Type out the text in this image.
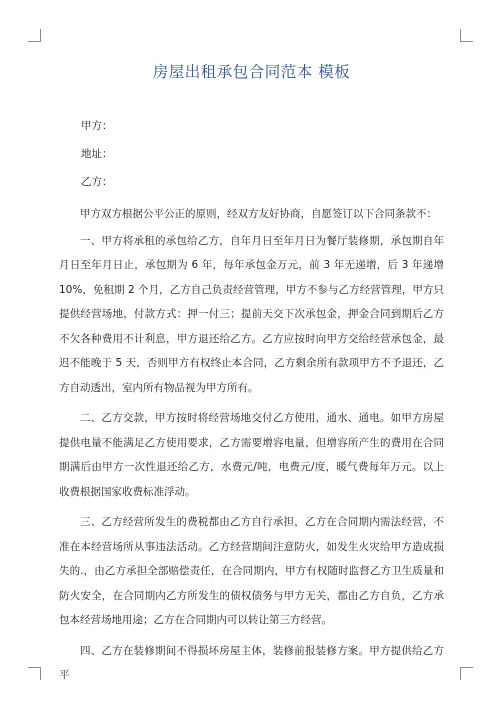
房屋出租承包合同范本 模板
甲方：
地址：
乙方：
甲方双方根据公平公正的原则，经双方友好协商，自愿签订以下合同条款不：
一、甲方将承租的承包给乙方，自年月日至年月日为餐厅装修期，承包期自年月日至年月日止，承包期为 6 年，每年承包金万元，前 3 年无递增，后 3 年递增 10%，免租期 2 个月，乙方自己负责经营管理，甲方不参与乙方经营管理，甲方只提供经营场地，付款方式：押一付三；提前天交下次承包金，押金合同到期后乙方不欠各种费用不计利息，甲方退还给乙方。乙方应按时向甲方交给经营承包金，最迟不能晚于 5 天，否则甲方有权终止本合同，乙方剩余所有款项甲方不予退还，乙方自动透出，室内所有物品视为甲方所有。
二、乙方交款，甲方按时将经营场地交付乙方使用，通水、通电。如甲方房屋提供电量不能满足乙方使用要求，乙方需要增容电量，但增容所产生的费用在合同期满后由甲方一次性退还给乙方，水费元/吨，电费元/度，暖气费每年万元。以上收费根据国家收费标准浮动。
三、乙方经营所发生的费税都由乙方自行承担，乙方在合同期内需法经营，不准在本经营场所从事违法活动。乙方经营期间注意防火，如发生火灾给甲方造成损失的.，由乙方承担全部赔偿责任，在合同期内，甲方有权随时监督乙方卫生质量和防火安全，在合同期内乙方所发生的债权债务与甲方无关，都由乙方自负，乙方承包本经营场地用途；乙方在合同期内可以转让第三方经营。
四、乙方在装修期间不得损坏房屋主体，装修前报装修方案。甲方提供给乙方平
